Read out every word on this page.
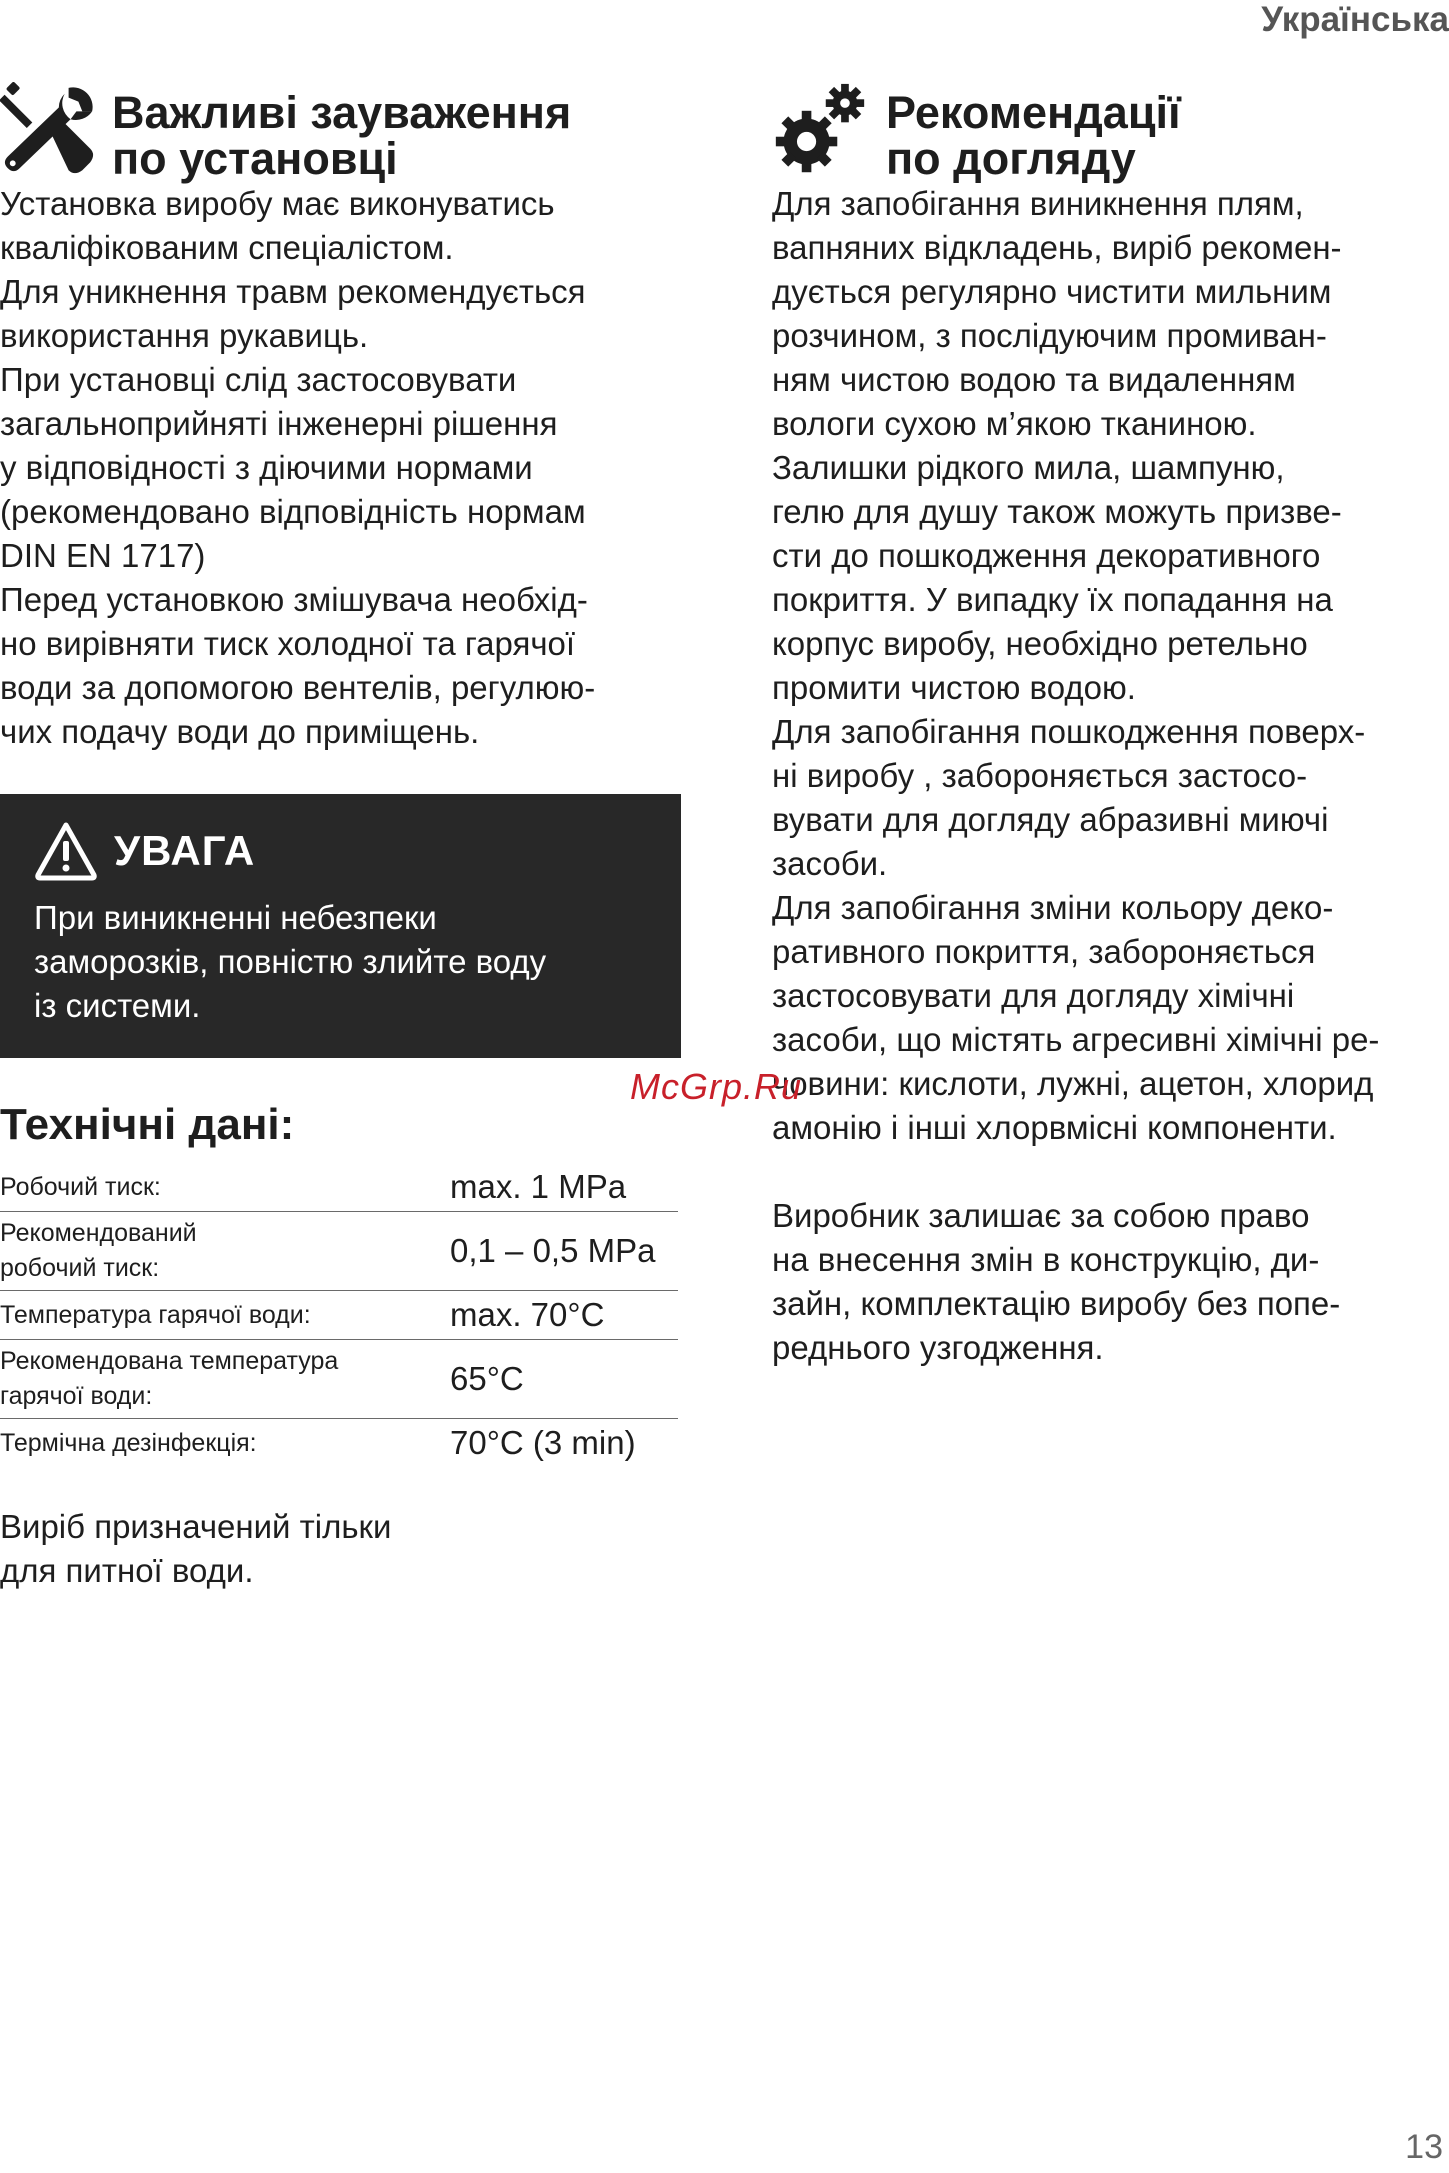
Українська
Важливі зауваження
по установці

Установка виробу має виконуватись
кваліфікованим спеціалістом.
Для уникнення травм рекомендується
використання рукавиць.
При установці слід застосовувати
загальноприйняті інженерні рішення
у відповідності з діючими нормами
(рекомендовано відповідність нормам
DIN EN 1717)
Перед установкою змішувача необхід-
но вирівняти тиск холодної та гарячої
води за допомогою вентелів, регулюю-
чих подачу води до приміщень.

УВАГА
При виникненні небезпеки
заморозків, повністю злийте воду
із системи.
Технічні дані:
Робочий тиск:	max. 1 MPa
Рекомендований
робочий тиск:	0,1 – 0,5 MPa
Температура гарячої води:	max. 70°C
Рекомендована температура
гарячої води:	65°C
Термічна дезінфекція:	70°C (3 min)

Виріб призначений тільки
для питної води.

Рекомендації
по догляду

Для запобігання виникнення плям,
вапняних відкладень, виріб рекомен-
дується регулярно чистити мильним
розчином, з послідуючим промиван-
ням чистою водою та видаленням
вологи сухою м’якою тканиною.
Залишки рідкого мила, шампуню,
гелю для душу також можуть призве-
сти до пошкодження декоративного
покриття. У випадку їх попадання на
корпус виробу, необхідно ретельно
промити чистою водою.
Для запобігання пошкодження поверх-
ні виробу , забороняється застосо-
вувати для догляду абразивні миючі
засоби.
Для запобігання зміни кольору деко-
ративного покриття, забороняється
застосовувати для догляду хімічні
засоби, що містять агресивні хімічні ре-
човини: кислоти, лужні, ацетон, хлорид
амонію і інші хлорвмісні компоненти.

Виробник залишає за собою право
на внесення змін в конструкцію, ди-
зайн, комплектацію виробу без попе-
реднього узгодження.

McGrp.Ru
13
